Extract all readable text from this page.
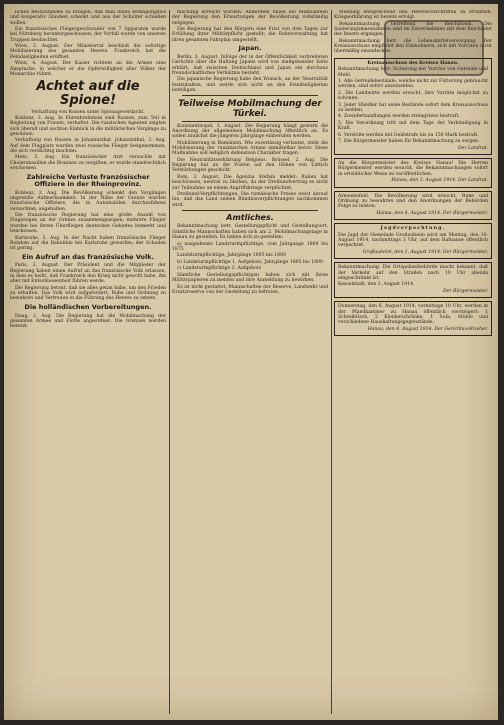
lichen Besitzstandes zu bringen, daß man ihnen bedingungslos und kooperativ Glauben schenkt und aus der Schulter schießen wollen.

Ein französisches Fliegergeschwader von 7 Apparaten wurde bei Nürnberg heruntergeschossen; der Vorfall wurde von unseren Truppen beobachtet.

Wien, 3. August. Der Ministerrat beschloß die sofortige Mobilisierung des gesamten Heeres. Frankreich hat die Feindseligkeiten eröffnet.

Wien, 4. August. Der Kaiser richtete an die Armee eine Ansprache, in welcher er die Opferwilligkeit aller Völker der Monarchie rühmt.

Achtet auf die Spione!
Verhaftung von Russen unter Spionageverdacht.

Koblenz, 3. Aug. In Ehrenbreitstein sind Russen, zum Teil in Begleitung von Frauen, verhaftet. Die russischen Agenten zeigten sich überall und suchten Einblick in die militärischen Vorgänge zu gewinnen.

Verhaftung von Russen in Johannisthal. Johannisthal, 3. Aug. Auf dem Flugplatz wurden zwei russische Flieger festgenommen, die sich verdächtig machten.

Metz, 3. Aug. Ein französischer Arzt versuchte mit Cholerabazillen die Brunnen zu vergiften; er wurde standrechtlich erschossen.

Zahlreiche Verluste französischer Offiziere in der Rheinprovinz.

Koblenz, 2. Aug. Die Bevölkerung schenkt den Vorgängen ungeteilte Aufmerksamkeit. In der Nähe der Grenze wurden französische Offiziere, die in Automobilen durchzufahren versuchten, angehalten.

Die französische Regierung hat eine große Anzahl von Flugzeugen an der Grenze zusammengezogen; mehrere Flieger wurden bei ihrem Überfliegen deutschen Gebietes bemerkt und beschossen.

Karlsruhe, 3. Aug. In der Nacht haben französische Flieger Bomben auf die Bahnlinie bei Karlsruhe geworfen; der Schaden ist gering.

Ein Aufruf an das französische Volk.

Paris, 3. August. Der Präsident und die Mitglieder der Regierung haben einen Aufruf an das französische Volk erlassen, in dem es heißt, daß Frankreich den Krieg nicht gewollt habe, ihn aber mit Entschlossenheit führen werde.

Die Regierung betont, daß sie alles getan habe, um den Frieden zu erhalten. Das Volk wird aufgefordert, Ruhe und Ordnung zu bewahren und Vertrauen in die Führung des Heeres zu setzen.

Die holländischen Vorbereitungen.

Haag, 2. Aug. Die Regierung hat die Mobilmachung der gesamten Armee und Flotte angeordnet. Die Grenzen werden besetzt.

machung erreicht wurden. Außerdem fallen die Maßnahmen der Regierung den Erwartungen der Bevölkerung vollständig entgegen.

Die Regierung hat den Bürgern eine Frist von drei Tagen zur Erfüllung ihrer Militärpflicht gestellt; die Bahnverwaltung hat ihren gesamten Fahrplan umgestellt.

Japan.

Berlin, 3. August. Infolge der in der Öffentlichkeit verbreiteten Gerüchte über die Haltung Japans wird von maßgebender Seite erklärt, daß zwischen Deutschland und Japan ein durchaus freundschaftliches Verhältnis besteht.

Die japanische Regierung habe den Wunsch, an der Neutralität festzuhalten, und werde sich nicht an den Feindseligkeiten beteiligen.

Teilweise Mobilmachung der Türkei.

Konstantinopel, 3. August. Die Regierung hängt gestern die Anordnung der allgemeinen Mobilmachung öffentlich an. Es sollen zunächst die jüngeren Jahrgänge einberufen werden.

Mobilisierung in Rumänien. Wie zuverlässig verlautet, steht die Mobilisierung der rumänischen Armee unmittelbar bevor. Diese Maßnahme soll lediglich defensiven Charakter tragen.

Die Neutralitätserklärung Belgiens. Brüssel, 2. Aug. Die Regierung hat an die Posten auf den Höhen von Lüttich Verstärkungen geschickt.

Rom, 3. August. Die Agenzia Stefani meldet: Italien hat beschlossen, neutral zu bleiben, da der Dreibundvertrag es nicht zur Teilnahme an einem Angriffskriege verpflichtet.

Dreibund-Verpflichtungen. Die rumänische Presse weist darauf hin, daß das Land seinen Bündnisverpflichtungen nachkommen wird.

Amtliches.

Bekanntmachung betr. Gestellungspflicht und Gestellungsort. Sämtliche Mannschaften haben sich am 2. Mobilmachungstage in Hanau zu gestellen. Es haben sich zu gestellen:

a) ausgediente Landsturmpflichtige, vom Jahrgange 1869 bis 1875

Landsturmpflichtige, Jahrgänge 1895 bis 1890

b) Landsturmpflichtige 1. Aufgebots, Jahrgänge 1895 bis 1890

c) Landsturmpflichtige 2. Aufgebots

Sämtliche Gestellungspflichtigen haben sich mit ihren Militärpapieren zu melden und ihre Anmeldung zu bewirken.

Es ist nicht gestattet, Mannschaften der Reserve, Landwehr und Ersatzreserve von der Gestellung zu befreien.

Meldung entsprechend den Heeresvorschriften zu erstatten. Kriegserklärung ist bereits erfolgt.

Bekanntmachung betreffend die Reichsbank. Die Sanierungsmassnahmen sind im Einvernehmen mit dem Reichsamt des Innern ergangen.

Bekanntmachung betr. die Lebensmittelversorgung. Der Kreisausschuss empfiehlt den Einwohnern, sich mit Vorräten nicht übermäßig einzudecken.

Kreisausschuss des Kreises Hanau.

Bekanntmachung betr. Sicherung der Vorräte von Getreide und Mehl.

1. Alle Getreidebestände, welche nicht zur Fütterung gebraucht werden, sind sofort anzumelden.

2. Die Landwirte werden ersucht, ihre Vorräte möglichst zu schonen.

3. Jeder Händler hat seine Bestände sofort dem Kreisausschuss zu melden.

4. Zuwiderhandlungen werden strengstens bestraft.

5. Die Verordnung tritt mit dem Tage der Verkündigung in Kraft.

6. Verstöße werden mit Geldstrafe bis zu 150 Mark bestraft.

7. Die Bürgermeister haben für Bekanntmachung zu sorgen.

Der Landrat.

An die Bürgermeister des Kreises Hanau! Die Herren Bürgermeister werden ersucht, die Bekanntmachungen sofort in ortsüblicher Weise zu veröffentlichen.

Hanau, den 3. August 1914. Der Landrat.

Armeebefehl. Die Bevölkerung wird ersucht, Ruhe und Ordnung zu bewahren und den Anordnungen der Behörden Folge zu leisten.

Hanau, den 4. August 1914. Der Bürgermeister.

Jagdverpachtung.

Die Jagd der Gemeinde Großauheim wird am Montag, den 10. August 1914, nachmittags 3 Uhr, auf dem Rathause öffentlich verpachtet.

Großauheim, den 1. August 1914. Der Bürgermeister.

Bekanntmachung. Die Ortspolizeibehörde macht bekannt, daß der Verkehr auf den Straßen nach 10 Uhr abends eingeschränkt ist.

Kesselstadt, den 3. August 1914.

Der Bürgermeister.

Donnerstag, den 6. August 1914, vormittags 10 Uhr, werden in der Pfandkammer zu Hanau öffentlich versteigert: 1 Schreibtisch, 2 Kleiderschränke, 1 Sofa, Stühle und verschiedene Haushaltungsgegenstände.

Hanau, den 4. August 1914. Der Gerichtsvollzieher.
